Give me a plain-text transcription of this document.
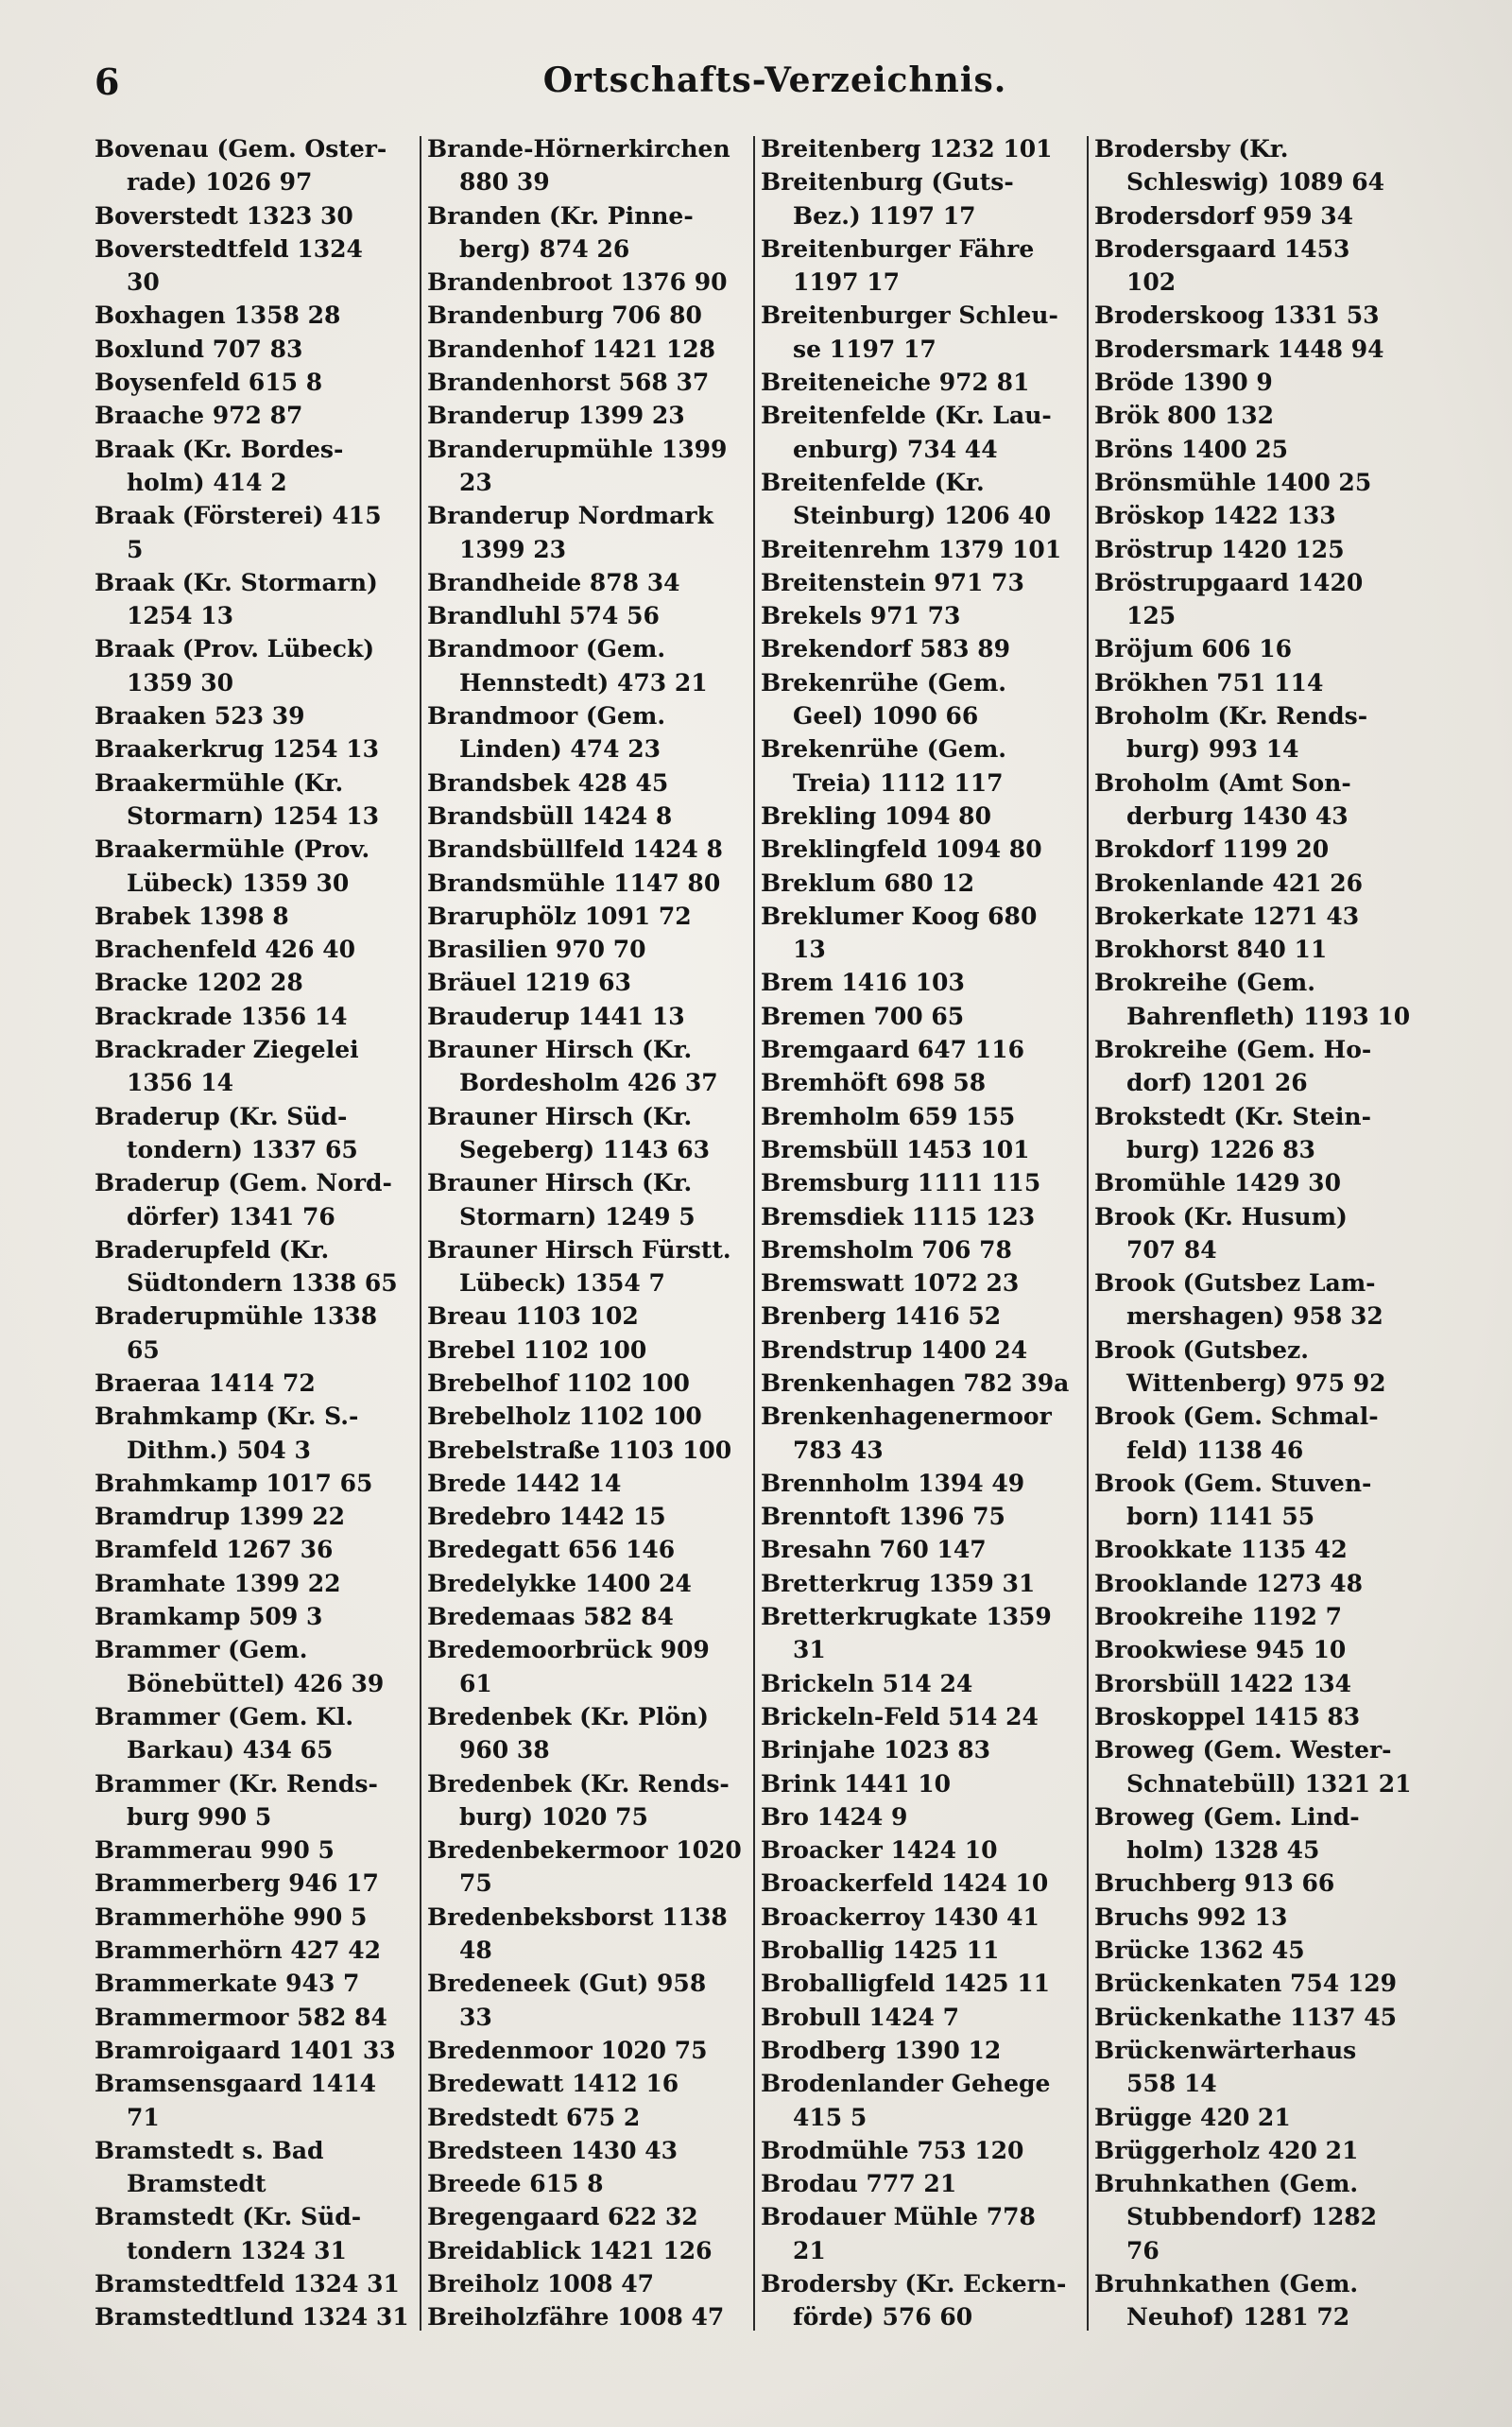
6	Ortschafts-Verzeichnis.
Bovenau (Gem. Oster-
rade) 1026 97
Boverstedt 1323 30
Boverstedtfeld 1324
30
Boxhagen 1358 28
Boxlund 707 83
Boysenfeld 615 8
Braache 972 87
Braak (Kr. Bordes-
holm) 414 2
Braak (Försterei) 415
5
Braak (Kr. Stormarn)
1254 13
Braak (Prov. Lübeck)
1359 30
Braaken 523 39
Braakerkrug 1254 13
Braakermühle (Kr.
Stormarn) 1254 13
Braakermühle (Prov.
Lübeck) 1359 30
Brabek 1398 8
Brachenfeld 426 40
Bracke 1202 28
Brackrade 1356 14
Brackrader Ziegelei
1356 14
Braderup (Kr. Süd-
tondern) 1337 65
Braderup (Gem. Nord-
dörfer) 1341 76
Braderupfeld (Kr.
Südtondern 1338 65
Braderupmühle 1338
65
Braeraa 1414 72
Brahmkamp (Kr. S.-
Dithm.) 504 3
Brahmkamp 1017 65
Bramdrup 1399 22
Bramfeld 1267 36
Bramhate 1399 22
Bramkamp 509 3
Brammer (Gem.
Bönebüttel) 426 39
Brammer (Gem. Kl.
Barkau) 434 65
Brammer (Kr. Rends-
burg 990 5
Brammerau 990 5
Brammerberg 946 17
Brammerhöhe 990 5
Brammerhörn 427 42
Brammerkate 943 7
Brammermoor 582 84
Bramroigaard 1401 33
Bramsensgaard 1414
71
Bramstedt s. Bad
Bramstedt
Bramstedt (Kr. Süd-
tondern 1324 31
Bramstedtfeld 1324 31
Bramstedtlund 1324 31
Brande-Hörnerkirchen
880 39
Branden (Kr. Pinne-
berg) 874 26
Brandenbroot 1376 90
Brandenburg 706 80
Brandenhof 1421 128
Brandenhorst 568 37
Branderup 1399 23
Branderupmühle 1399
23
Branderup Nordmark
1399 23
Brandheide 878 34
Brandluhl 574 56
Brandmoor (Gem.
Hennstedt) 473 21
Brandmoor (Gem.
Linden) 474 23
Brandsbek 428 45
Brandsbüll 1424 8
Brandsbüllfeld 1424 8
Brandsmühle 1147 80
Braruphölz 1091 72
Brasilien 970 70
Bräuel 1219 63
Brauderup 1441 13
Brauner Hirsch (Kr.
Bordesholm 426 37
Brauner Hirsch (Kr.
Segeberg) 1143 63
Brauner Hirsch (Kr.
Stormarn) 1249 5
Brauner Hirsch Fürstt.
Lübeck) 1354 7
Breau 1103 102
Brebel 1102 100
Brebelhof 1102 100
Brebelholz 1102 100
Brebelstraße 1103 100
Brede 1442 14
Bredebro 1442 15
Bredegatt 656 146
Bredelykke 1400 24
Bredemaas 582 84
Bredemoorbrück 909
61
Bredenbek (Kr. Plön)
960 38
Bredenbek (Kr. Rends-
burg) 1020 75
Bredenbekermoor 1020
75
Bredenbeksborst 1138
48
Bredeneek (Gut) 958
33
Bredenmoor 1020 75
Bredewatt 1412 16
Bredstedt 675 2
Bredsteen 1430 43
Breede 615 8
Bregengaard 622 32
Breidablick 1421 126
Breiholz 1008 47
Breiholzfähre 1008 47
Breitenberg 1232 101
Breitenburg (Guts-
Bez.) 1197 17
Breitenburger Fähre
1197 17
Breitenburger Schleu-
se 1197 17
Breiteneiche 972 81
Breitenfelde (Kr. Lau-
enburg) 734 44
Breitenfelde (Kr.
Steinburg) 1206 40
Breitenrehm 1379 101
Breitenstein 971 73
Brekels 971 73
Brekendorf 583 89
Brekenrühe (Gem.
Geel) 1090 66
Brekenrühe (Gem.
Treia) 1112 117
Brekling 1094 80
Breklingfeld 1094 80
Breklum 680 12
Breklumer Koog 680
13
Brem 1416 103
Bremen 700 65
Bremgaard 647 116
Bremhöft 698 58
Bremholm 659 155
Bremsbüll 1453 101
Bremsburg 1111 115
Bremsdiek 1115 123
Bremsholm 706 78
Bremswatt 1072 23
Brenberg 1416 52
Brendstrup 1400 24
Brenkenhagen 782 39a
Brenkenhagenermoor
783 43
Brennholm 1394 49
Brenntoft 1396 75
Bresahn 760 147
Bretterkrug 1359 31
Bretterkrugkate 1359
31
Brickeln 514 24
Brickeln-Feld 514 24
Brinjahe 1023 83
Brink 1441 10
Bro 1424 9
Broacker 1424 10
Broackerfeld 1424 10
Broackerroy 1430 41
Broballig 1425 11
Broballigfeld 1425 11
Brobull 1424 7
Brodberg 1390 12
Brodenlander Gehege
415 5
Brodmühle 753 120
Brodau 777 21
Brodauer Mühle 778
21
Brodersby (Kr. Eckern-
förde) 576 60
Brodersby (Kr.
Schleswig) 1089 64
Brodersdorf 959 34
Brodersgaard 1453
102
Broderskoog 1331 53
Brodersmark 1448 94
Bröde 1390 9
Brök 800 132
Bröns 1400 25
Brönsmühle 1400 25
Bröskop 1422 133
Bröstrup 1420 125
Bröstrupgaard 1420
125
Bröjum 606 16
Brökhen 751 114
Broholm (Kr. Rends-
burg) 993 14
Broholm (Amt Son-
derburg 1430 43
Brokdorf 1199 20
Brokenlande 421 26
Brokerkate 1271 43
Brokhorst 840 11
Brokreihe (Gem.
Bahrenfleth) 1193 10
Brokreihe (Gem. Ho-
dorf) 1201 26
Brokstedt (Kr. Stein-
burg) 1226 83
Bromühle 1429 30
Brook (Kr. Husum)
707 84
Brook (Gutsbez Lam-
mershagen) 958 32
Brook (Gutsbez.
Wittenberg) 975 92
Brook (Gem. Schmal-
feld) 1138 46
Brook (Gem. Stuven-
born) 1141 55
Brookkate 1135 42
Brooklande 1273 48
Brookreihe 1192 7
Brookwiese 945 10
Brorsbüll 1422 134
Broskoppel 1415 83
Broweg (Gem. Wester-
Schnatebüll) 1321 21
Broweg (Gem. Lind-
holm) 1328 45
Bruchberg 913 66
Bruchs 992 13
Brücke 1362 45
Brückenkaten 754 129
Brückenkathe 1137 45
Brückenwärterhaus
558 14
Brügge 420 21
Brüggerholz 420 21
Bruhnkathen (Gem.
Stubbendorf) 1282
76
Bruhnkathen (Gem.
Neuhof) 1281 72
